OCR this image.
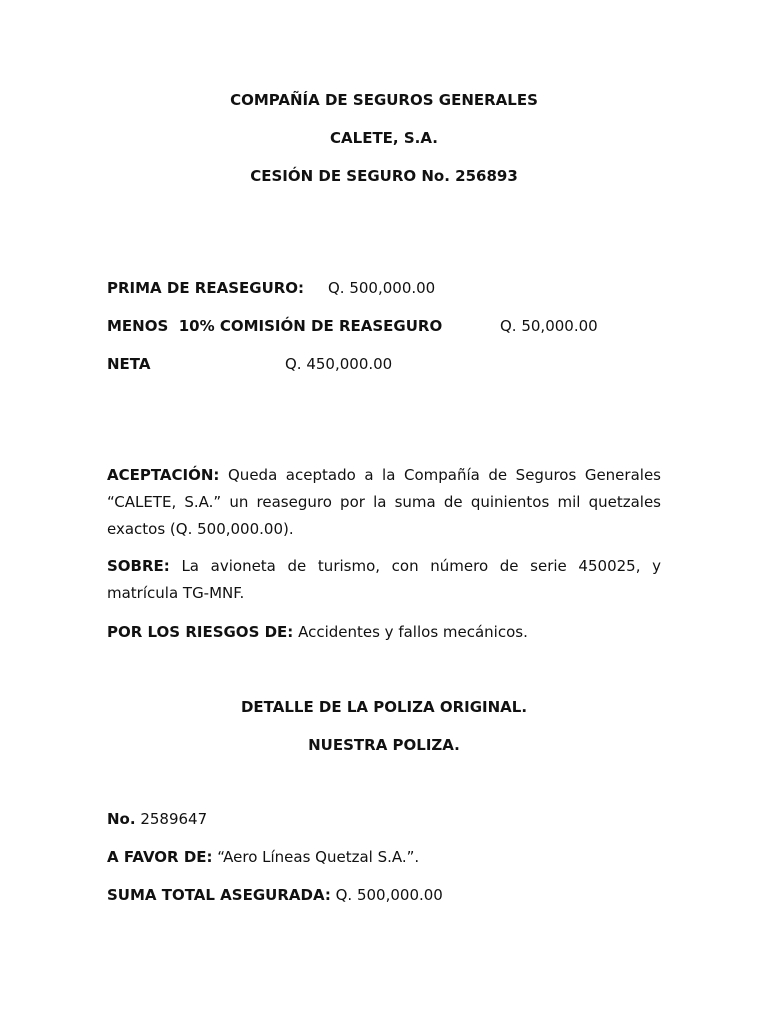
COMPAÑÍA DE SEGUROS GENERALES
CALETE, S.A.
CESIÓN DE SEGURO No. 256893
PRIMA DE REASEGURO: Q. 500,000.00
MENOS  10% COMISIÓN DE REASEGURO	Q. 50,000.00
NETA	Q. 450,000.00
ACEPTACIÓN: Queda aceptado a la Compañía de Seguros Generales “CALETE, S.A.” un reaseguro por la suma de quinientos mil quetzales exactos (Q. 500,000.00).
SOBRE: La avioneta de turismo, con número de serie 450025, y matrícula TG-MNF.
POR LOS RIESGOS DE: Accidentes y fallos mecánicos.
DETALLE DE LA POLIZA ORIGINAL.
NUESTRA POLIZA.
No. 2589647
A FAVOR DE: “Aero Líneas Quetzal S.A.”.
SUMA TOTAL ASEGURADA: Q. 500,000.00
